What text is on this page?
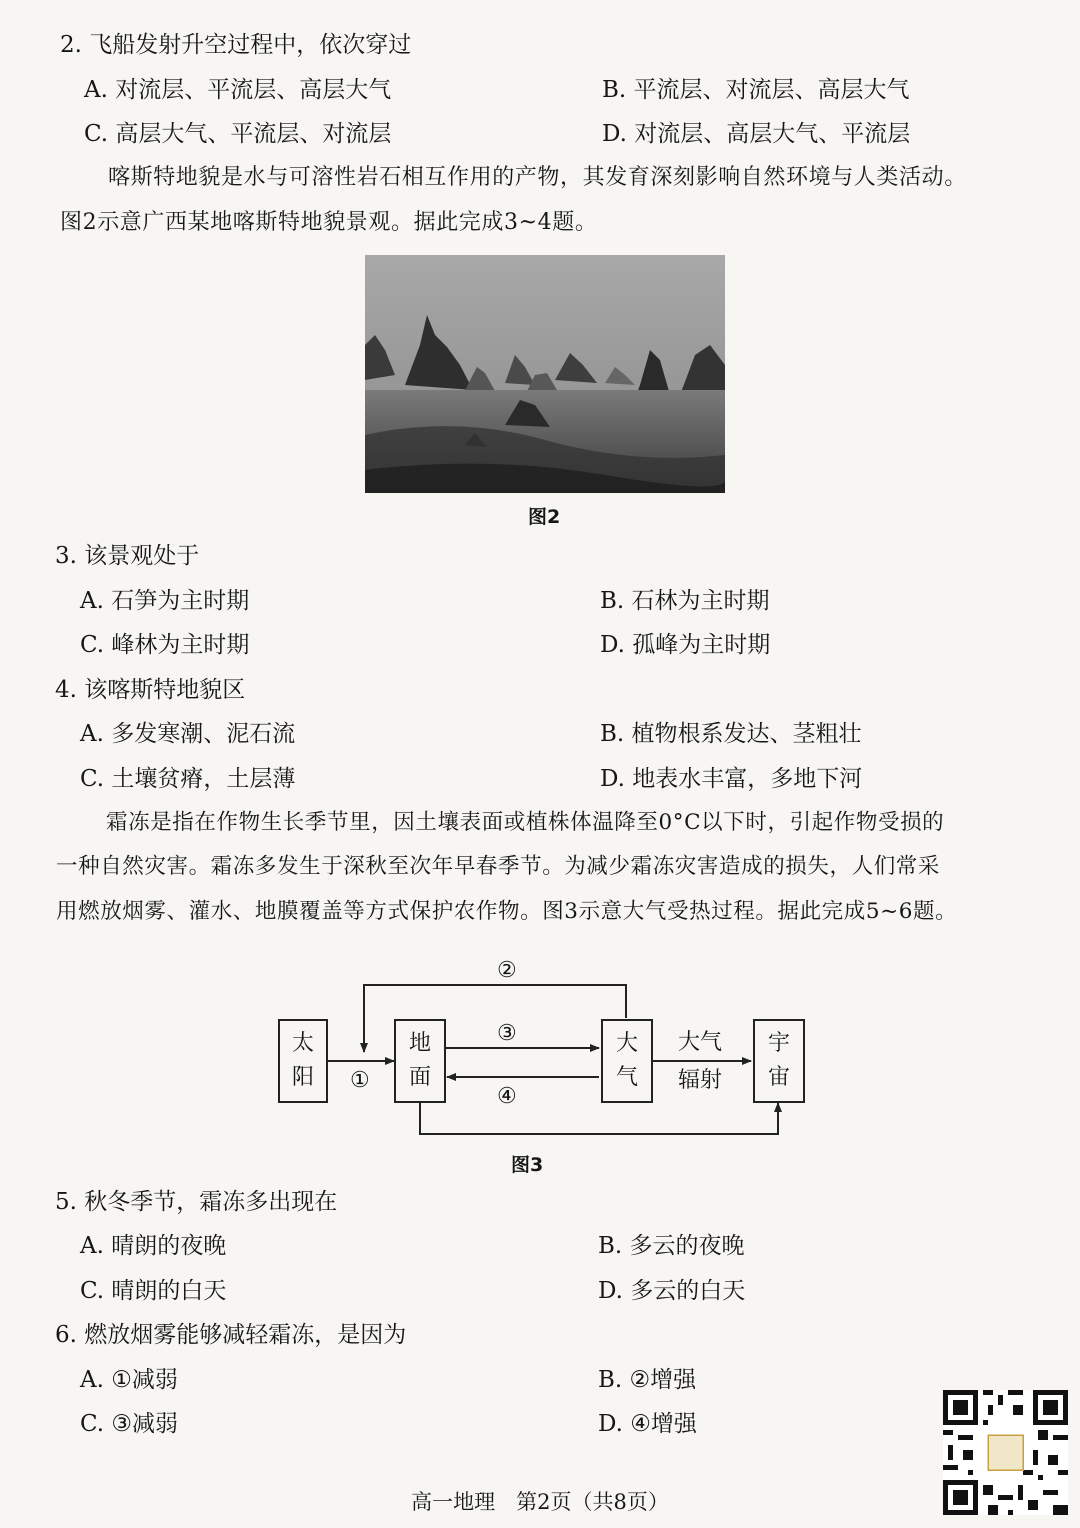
2. 飞船发射升空过程中，依次穿过
A. 对流层、平流层、高层大气	B. 平流层、对流层、高层大气
C. 高层大气、平流层、对流层	D. 对流层、高层大气、平流层
喀斯特地貌是水与可溶性岩石相互作用的产物，其发育深刻影响自然环境与人类活动。
图2示意广西某地喀斯特地貌景观。据此完成3~4题。
图2
3. 该景观处于
A. 石笋为主时期	B. 石林为主时期
C. 峰林为主时期	D. 孤峰为主时期
4. 该喀斯特地貌区
A. 多发寒潮、泥石流	B. 植物根系发达、茎粗壮
C. 土壤贫瘠，土层薄	D. 地表水丰富，多地下河
霜冻是指在作物生长季节里，因土壤表面或植株体温降至0°C以下时，引起作物受损的
一种自然灾害。霜冻多发生于深秋至次年早春季节。为减少霜冻灾害造成的损失，人们常采
用燃放烟雾、灌水、地膜覆盖等方式保护农作物。图3示意大气受热过程。据此完成5~6题。
太
阳
地
面
大
气
宇
宙
大气
辐射
①
②
③
④
图3
5. 秋冬季节，霜冻多出现在
A. 晴朗的夜晚	B. 多云的夜晚
C. 晴朗的白天	D. 多云的白天
6. 燃放烟雾能够减轻霜冻，是因为
A. ①减弱	B. ②增强
C. ③减弱	D. ④增强
高一地理　第2页（共8页）
